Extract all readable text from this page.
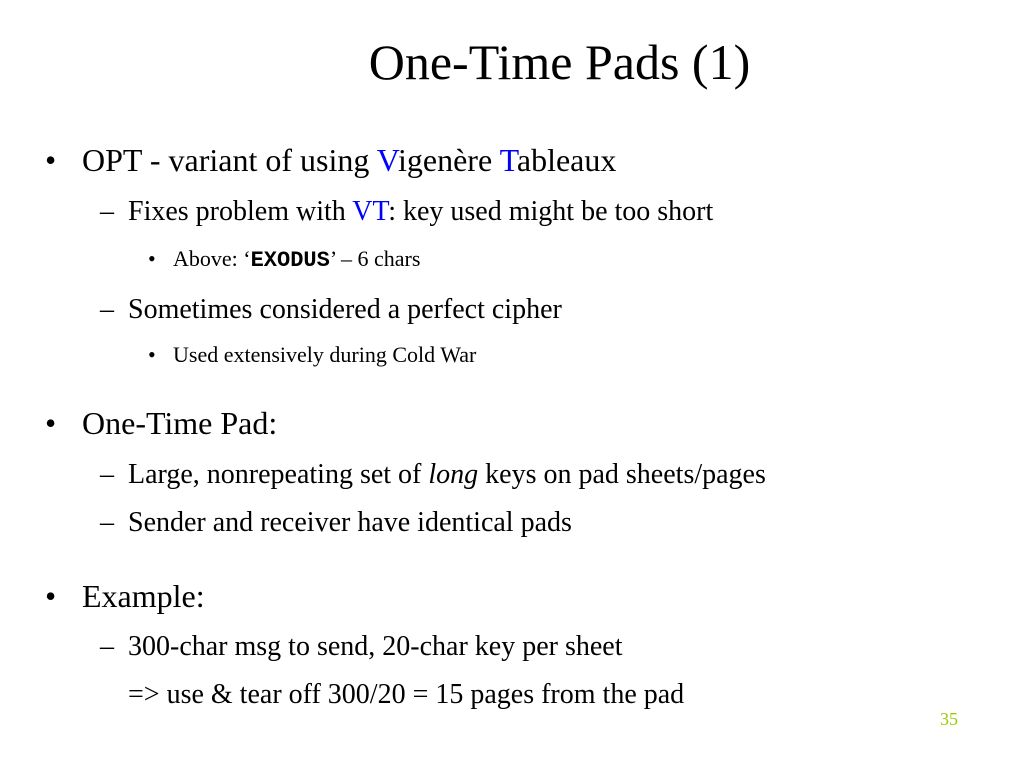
One-Time Pads (1)
• OPT - variant of using Vigenère Tableaux
– Fixes problem with VT: key used might be too short
• Above: ‘EXODUS’ – 6 chars
– Sometimes considered a perfect cipher
• Used extensively during Cold War
• One-Time Pad:
– Large, nonrepeating set of long keys on pad sheets/pages
– Sender and receiver have identical pads
• Example:
– 300-char msg to send, 20-char key per sheet
=> use & tear off 300/20 = 15 pages from the pad
35
